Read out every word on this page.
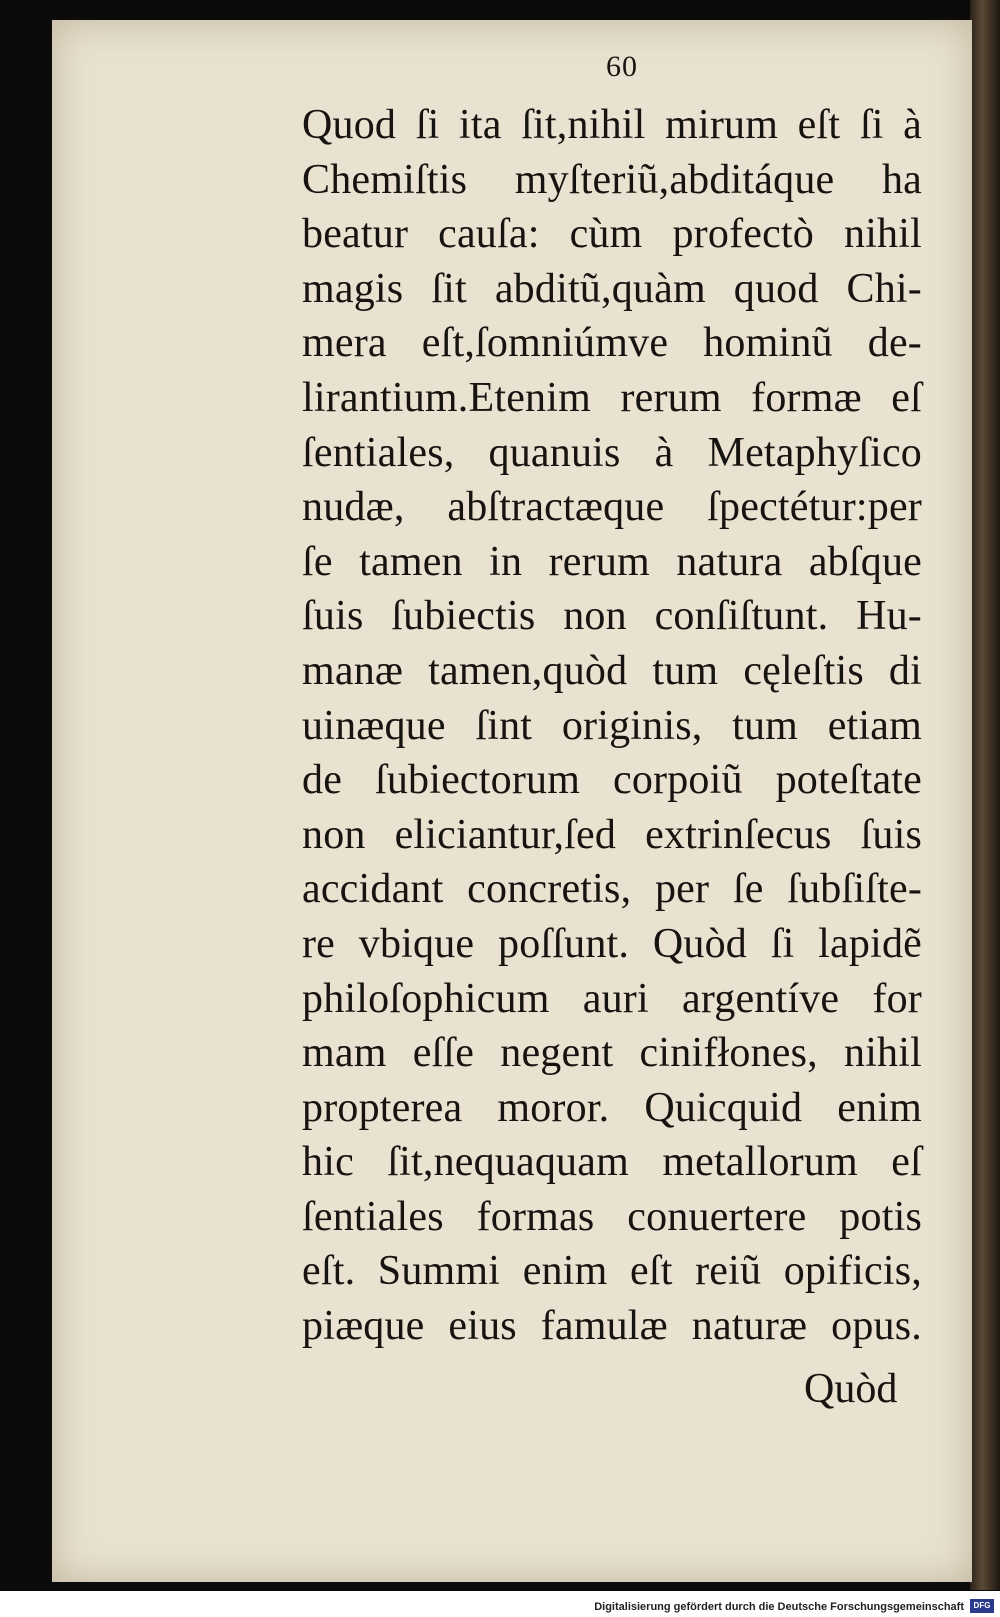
60
Quod ſi ita ſit,nihil mirum eſt ſi à
Chemiſtis myſteriũ,abditáque ha
beatur cauſa: cùm profectò nihil
magis ſit abditũ,quàm quod Chi-
mera eſt,ſomniúmve hominũ de-
lirantium.Etenim rerum formæ eſ
ſentiales, quanuis à Metaphyſico
nudæ, abſtractæque ſpectétur:per
ſe tamen in rerum natura abſque
ſuis ſubiectis non conſiſtunt. Hu-
manæ tamen,quòd tum cęleſtis di
uinæque ſint originis, tum etiam
de ſubiectorum corpoiũ poteſtate
non eliciantur,ſed extrinſecus ſuis
accidant concretis, per ſe ſubſiſte-
re vbique poſſunt. Quòd ſi lapidẽ
philoſophicum auri argentíve for
mam eſſe negent cinifłones, nihil
propterea moror. Quicquid enim
hic ſit,nequaquam metallorum eſ
ſentiales formas conuertere potis
eſt. Summi enim eſt reiũ opificis,
piæque eius famulæ naturæ opus.
Quòd
Digitalisierung gefördert durch die Deutsche Forschungsgemeinschaft	DFG
